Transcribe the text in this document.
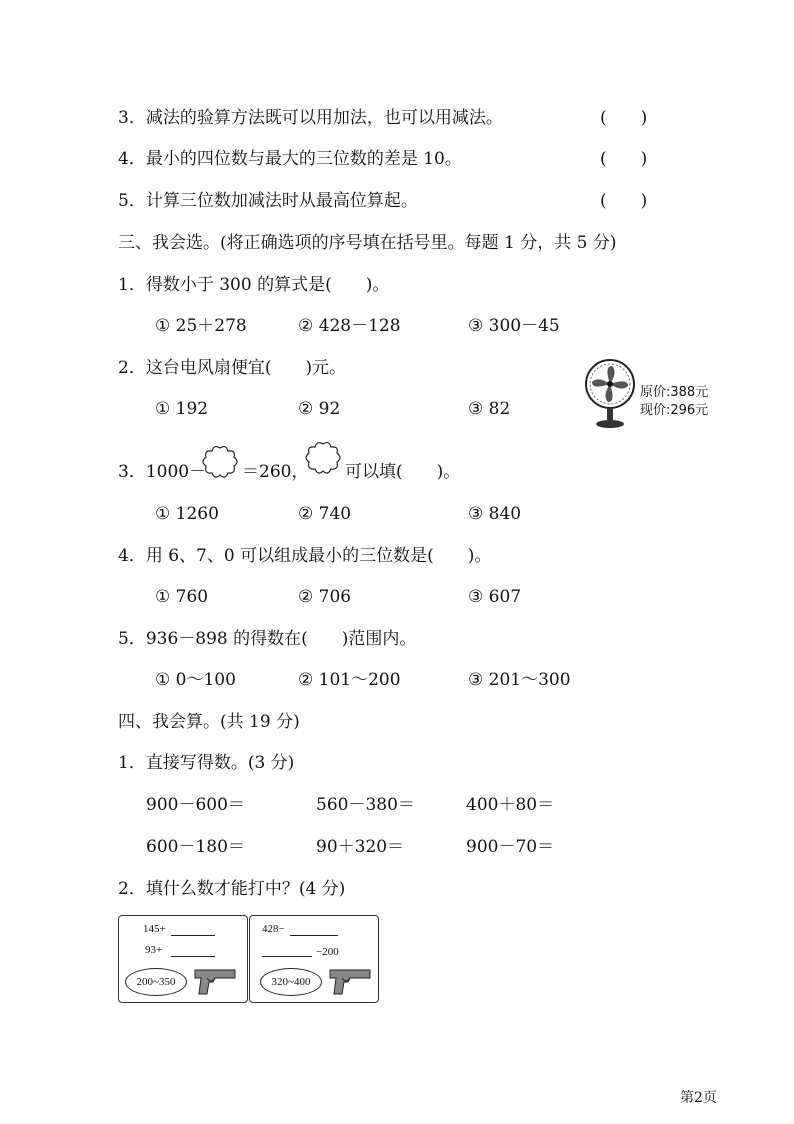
3．减法的验算方法既可以用加法，也可以用减法。	(　　)
4．最小的四位数与最大的三位数的差是 10。	(　　)
5．计算三位数加减法时从最高位算起。	(　　)
三、我会选。(将正确选项的序号填在括号里。每题 1 分，共 5 分)
1．得数小于 300 的算式是(　　)。
① 25＋278	② 428－128	③ 300－45
2．这台电风扇便宜(　　)元。
① 192	② 92	③ 82
原价:388元
现价:296元
3．1000－ ＝260， 可以填(　　)。
① 1260	② 740	③ 840
4．用 6、7、0 可以组成最小的三位数是(　　)。
① 760	② 706	③ 607
5．936－898 的得数在(　　)范围内。
① 0～100	② 101～200	③ 201～300
四、我会算。(共 19 分)
1．直接写得数。(3 分)
900－600＝	560－380＝	400＋80＝
600－180＝	90＋320＝	900－70＝
2．填什么数才能打中？(4 分)
145+
93+
200~350
428−
−200
320~400
第2页
